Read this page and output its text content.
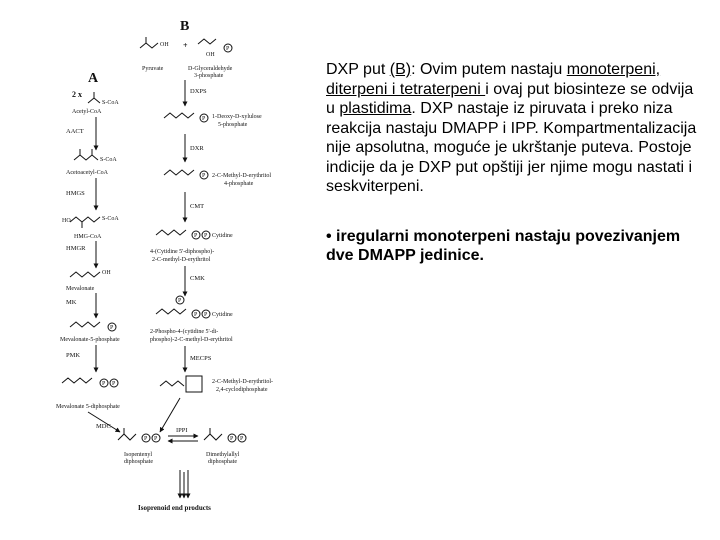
A
B
+
2 x
S-CoA
Acetyl-CoA
AACT
S-CoA
Acetoacetyl-CoA
HMGS
HO	S-CoA
HMG-CoA
HMGR
OH
Mevalonate
MK
P
Mevalonate-5-phosphate
PMK
P P
Mevalonate 5-diphosphate
MDC
OH
Pyruvate
OH
P
D-Glyceraldehyde
3-phosphate
DXPS
P 1-Deoxy-D-xylulose
5-phosphate
DXR
P 2-C-Methyl-D-erythritol
4-phosphate
CMT
P P Cytidine
4-(Cytidine 5'-diphospho)-
2-C-methyl-D-erythritol
CMK
P
P P Cytidine
2-Phospho-4-(cytidine 5'-di-
phospho)-2-C-methyl-D-erythritol
MECPS
2-C-Methyl-D-erythritol-
2,4-cyclodiphosphate
P P
Isopentenyl
diphosphate
IPPI
P P
Dimethylallyl
diphosphate
Isoprenoid end products
DXP put (B): Ovim putem nastaju monoterpeni, diterpeni i tetraterpeni i ovaj put biosinteze se odvija u plastidima. DXP nastaje iz piruvata i preko niza reakcija nastaju DMAPP i IPP. Kompartmentalizacija nije apsolutna, moguće je ukrštanje puteva. Postoje indicije da je DXP put opštiji jer njime mogu nastati i seskviterpeni.
• iregularni monoterpeni nastaju povezivanjem dve DMAPP jedinice.
